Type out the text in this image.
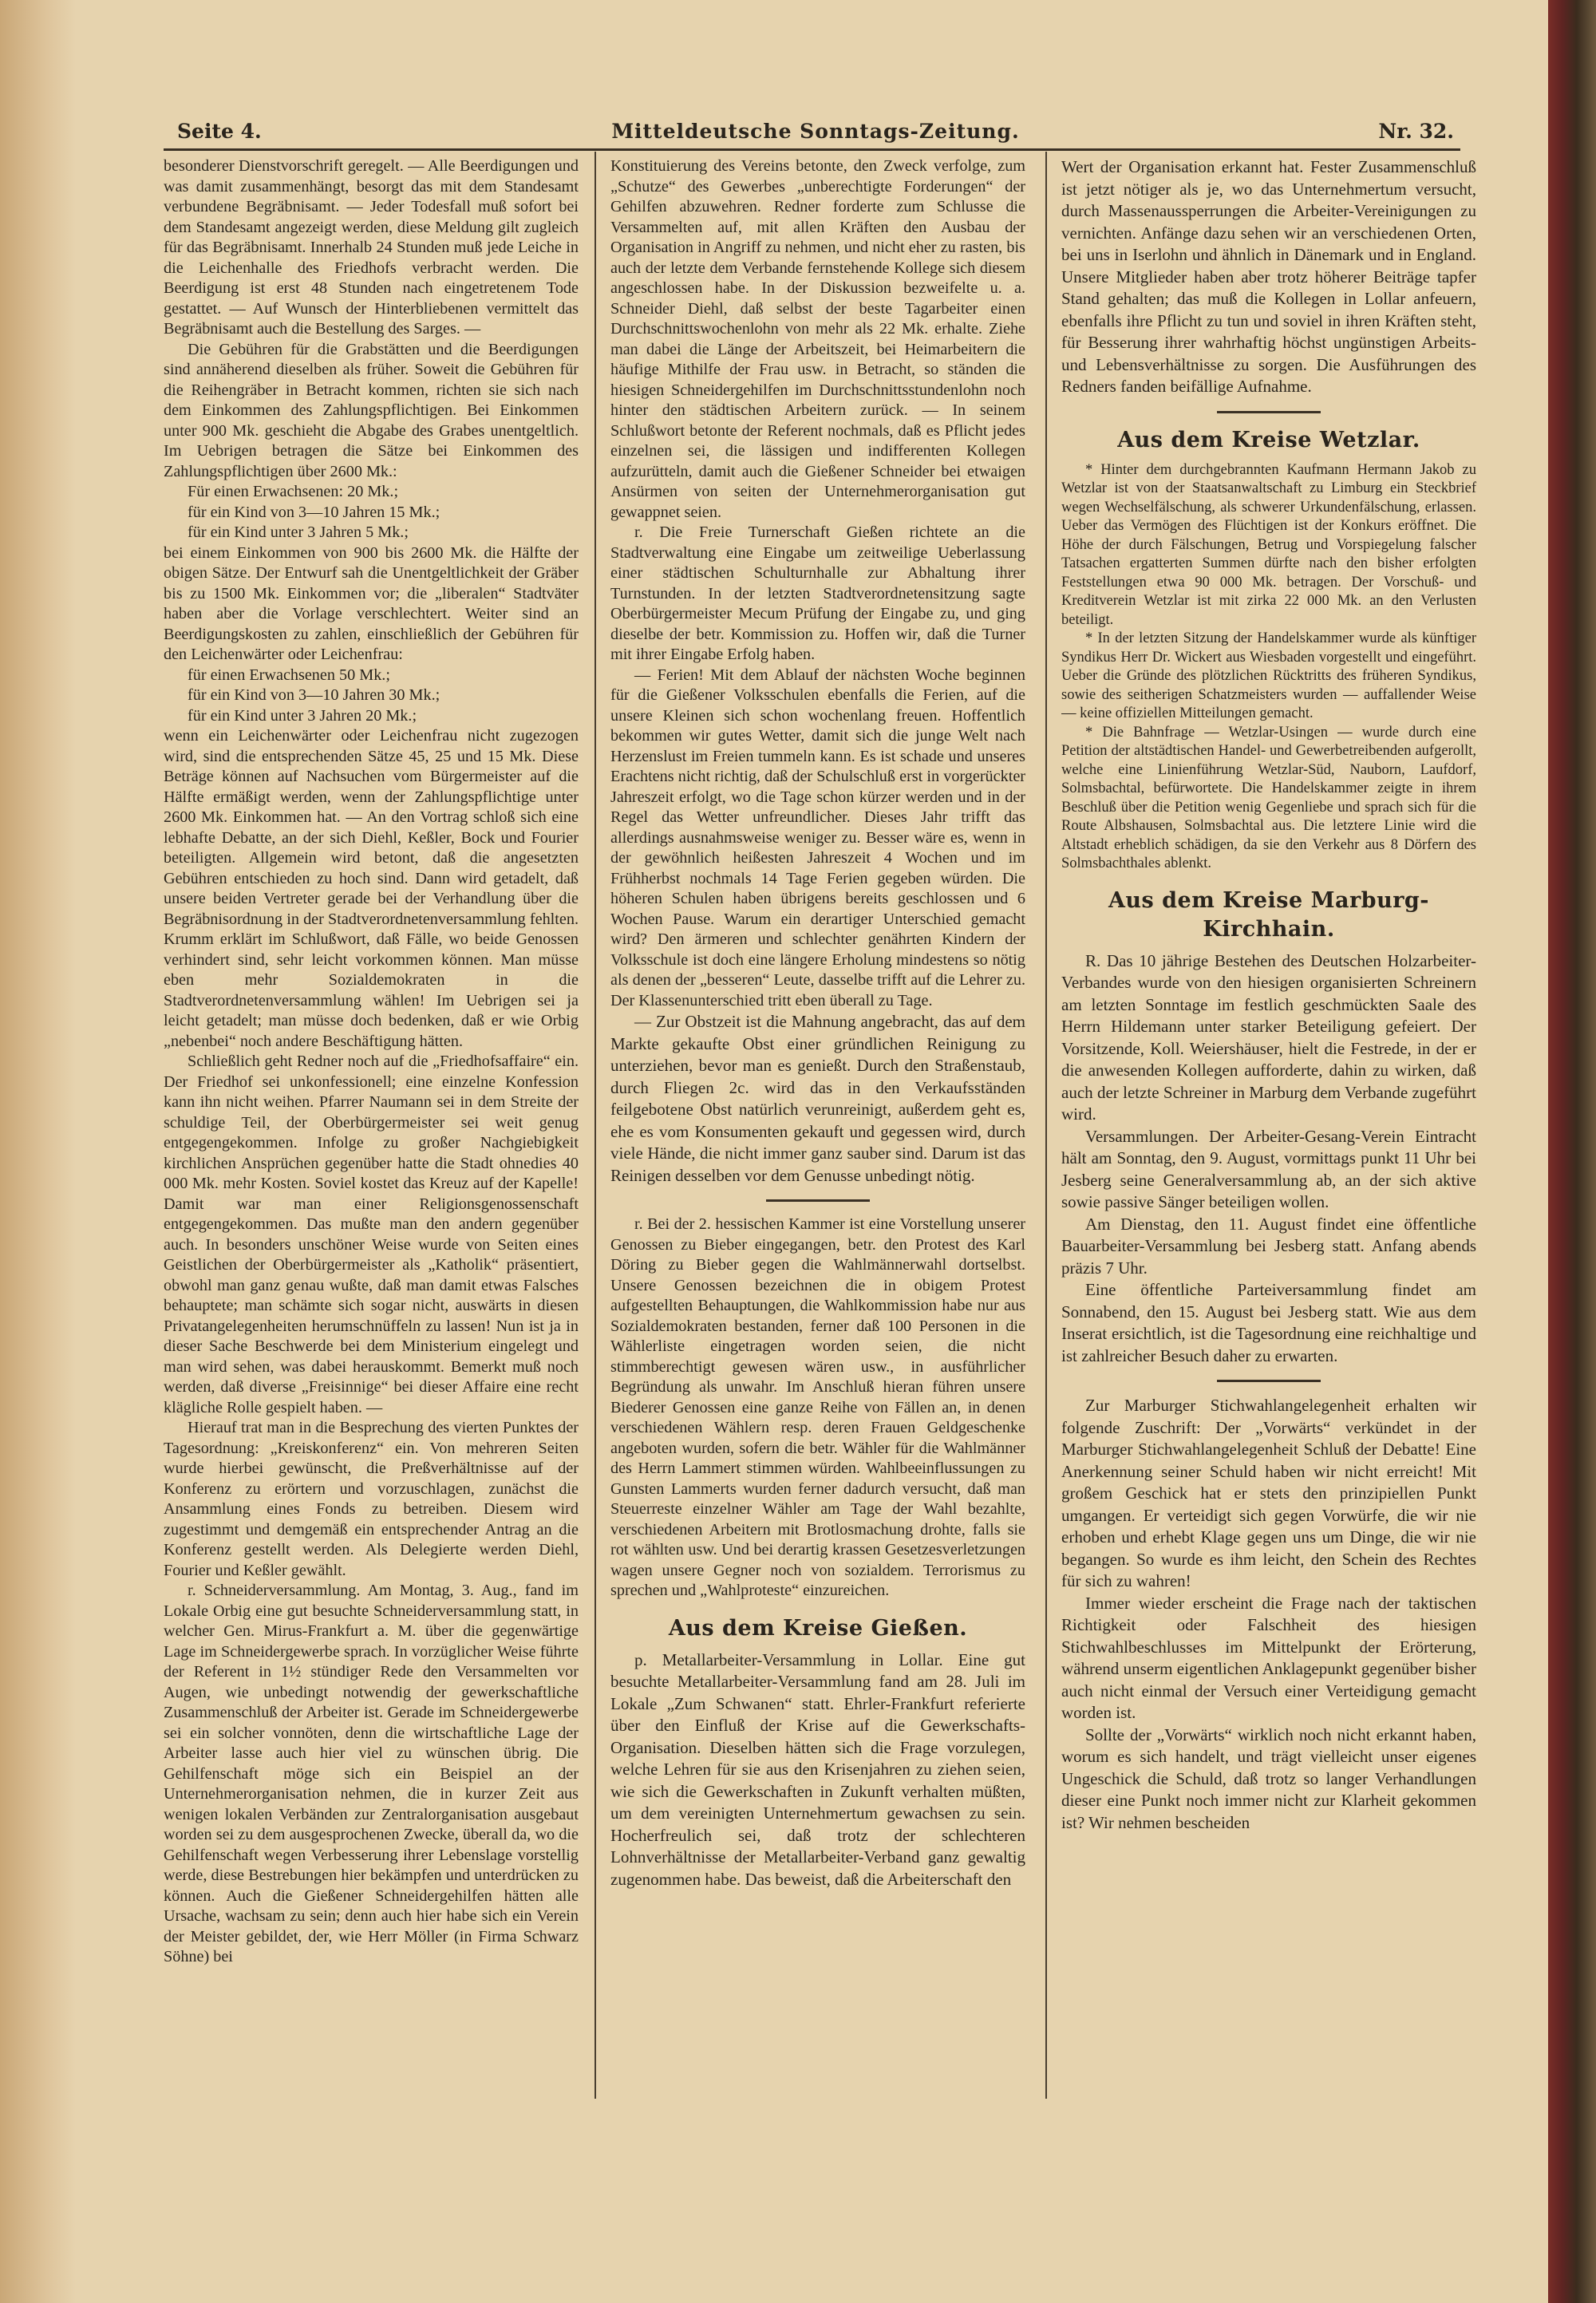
Seite 4.	Mitteldeutsche Sonntags-Zeitung.	Nr. 32.

besonderer Dienstvorschrift geregelt. — Alle Beerdigungen und was damit zusammenhängt, besorgt das mit dem Standesamt verbundene Begräbnisamt. — Jeder Todesfall muß sofort bei dem Standesamt angezeigt werden, diese Meldung gilt zugleich für das Begräbnisamt. Innerhalb 24 Stunden muß jede Leiche in die Leichenhalle des Friedhofs verbracht werden. Die Beerdigung ist erst 48 Stunden nach eingetretenem Tode gestattet. — Auf Wunsch der Hinterbliebenen vermittelt das Begräbnisamt auch die Bestellung des Sarges. —

Die Gebühren für die Grabstätten und die Beerdigungen sind annäherend dieselben als früher. Soweit die Gebühren für die Reihengräber in Betracht kommen, richten sie sich nach dem Einkommen des Zahlungspflichtigen. Bei Einkommen unter 900 Mk. geschieht die Abgabe des Grabes unentgeltlich. Im Uebrigen betragen die Sätze bei Einkommen des Zahlungspflichtigen über 2600 Mk.:

Für einen Erwachsenen: 20 Mk.;

für ein Kind von 3—10 Jahren 15 Mk.;

für ein Kind unter 3 Jahren 5 Mk.;

bei einem Einkommen von 900 bis 2600 Mk. die Hälfte der obigen Sätze. Der Entwurf sah die Unentgeltlichkeit der Gräber bis zu 1500 Mk. Einkommen vor; die „liberalen“ Stadtväter haben aber die Vorlage verschlechtert. Weiter sind an Beerdigungskosten zu zahlen, einschließlich der Gebühren für den Leichenwärter oder Leichenfrau:

für einen Erwachsenen 50 Mk.;

für ein Kind von 3—10 Jahren 30 Mk.;

für ein Kind unter 3 Jahren 20 Mk.;

wenn ein Leichenwärter oder Leichenfrau nicht zugezogen wird, sind die entsprechenden Sätze 45, 25 und 15 Mk. Diese Beträge können auf Nachsuchen vom Bürgermeister auf die Hälfte ermäßigt werden, wenn der Zahlungspflichtige unter 2600 Mk. Einkommen hat. — An den Vortrag schloß sich eine lebhafte Debatte, an der sich Diehl, Keßler, Bock und Fourier beteiligten. Allgemein wird betont, daß die angesetzten Gebühren entschieden zu hoch sind. Dann wird getadelt, daß unsere beiden Vertreter gerade bei der Verhandlung über die Begräbnisordnung in der Stadtverordnetenversammlung fehlten. Krumm erklärt im Schlußwort, daß Fälle, wo beide Genossen verhindert sind, sehr leicht vorkommen können. Man müsse eben mehr Sozialdemokraten in die Stadtverordnetenversammlung wählen! Im Uebrigen sei ja leicht getadelt; man müsse doch bedenken, daß er wie Orbig „nebenbei“ noch andere Beschäftigung hätten.

Schließlich geht Redner noch auf die „Friedhofsaffaire“ ein. Der Friedhof sei unkonfessionell; eine einzelne Konfession kann ihn nicht weihen. Pfarrer Naumann sei in dem Streite der schuldige Teil, der Oberbürgermeister sei weit genug entgegengekommen. Infolge zu großer Nachgiebigkeit kirchlichen Ansprüchen gegenüber hatte die Stadt ohnedies 40 000 Mk. mehr Kosten. Soviel kostet das Kreuz auf der Kapelle! Damit war man einer Religionsgenossenschaft entgegengekommen. Das mußte man den andern gegenüber auch. In besonders unschöner Weise wurde von Seiten eines Geistlichen der Oberbürgermeister als „Katholik“ präsentiert, obwohl man ganz genau wußte, daß man damit etwas Falsches behauptete; man schämte sich sogar nicht, auswärts in diesen Privatangelegenheiten herumschnüffeln zu lassen! Nun ist ja in dieser Sache Beschwerde bei dem Ministerium eingelegt und man wird sehen, was dabei herauskommt. Bemerkt muß noch werden, daß diverse „Freisinnige“ bei dieser Affaire eine recht klägliche Rolle gespielt haben. —

Hierauf trat man in die Besprechung des vierten Punktes der Tagesordnung: „Kreiskonferenz“ ein. Von mehreren Seiten wurde hierbei gewünscht, die Preßverhältnisse auf der Konferenz zu erörtern und vorzuschlagen, zunächst die Ansammlung eines Fonds zu betreiben. Diesem wird zugestimmt und demgemäß ein entsprechender Antrag an die Konferenz gestellt werden. Als Delegierte werden Diehl, Fourier und Keßler gewählt.

r. Schneiderversammlung. Am Montag, 3. Aug., fand im Lokale Orbig eine gut besuchte Schneiderversammlung statt, in welcher Gen. Mirus-Frankfurt a. M. über die gegenwärtige Lage im Schneidergewerbe sprach. In vorzüglicher Weise führte der Referent in 1½ stündiger Rede den Versammelten vor Augen, wie unbedingt notwendig der gewerkschaftliche Zusammenschluß der Arbeiter ist. Gerade im Schneidergewerbe sei ein solcher vonnöten, denn die wirtschaftliche Lage der Arbeiter lasse auch hier viel zu wünschen übrig. Die Gehilfenschaft möge sich ein Beispiel an der Unternehmerorganisation nehmen, die in kurzer Zeit aus wenigen lokalen Verbänden zur Zentralorganisation ausgebaut worden sei zu dem ausgesprochenen Zwecke, überall da, wo die Gehilfenschaft wegen Verbesserung ihrer Lebenslage vorstellig werde, diese Bestrebungen hier bekämpfen und unterdrücken zu können. Auch die Gießener Schneidergehilfen hätten alle Ursache, wachsam zu sein; denn auch hier habe sich ein Verein der Meister gebildet, der, wie Herr Möller (in Firma Schwarz Söhne) bei

Konstituierung des Vereins betonte, den Zweck verfolge, zum „Schutze“ des Gewerbes „unberechtigte Forderungen“ der Gehilfen abzuwehren. Redner forderte zum Schlusse die Versammelten auf, mit allen Kräften den Ausbau der Organisation in Angriff zu nehmen, und nicht eher zu rasten, bis auch der letzte dem Verbande fernstehende Kollege sich diesem angeschlossen habe. In der Diskussion bezweifelte u. a. Schneider Diehl, daß selbst der beste Tagarbeiter einen Durchschnittswochenlohn von mehr als 22 Mk. erhalte. Ziehe man dabei die Länge der Arbeitszeit, bei Heimarbeitern die häufige Mithilfe der Frau usw. in Betracht, so ständen die hiesigen Schneidergehilfen im Durchschnittsstundenlohn noch hinter den städtischen Arbeitern zurück. — In seinem Schlußwort betonte der Referent nochmals, daß es Pflicht jedes einzelnen sei, die lässigen und indifferenten Kollegen aufzurütteln, damit auch die Gießener Schneider bei etwaigen Ansürmen von seiten der Unternehmerorganisation gut gewappnet seien.

r. Die Freie Turnerschaft Gießen richtete an die Stadtverwaltung eine Eingabe um zeitweilige Ueberlassung einer städtischen Schulturnhalle zur Abhaltung ihrer Turnstunden. In der letzten Stadtverordnetensitzung sagte Oberbürgermeister Mecum Prüfung der Eingabe zu, und ging dieselbe der betr. Kommission zu. Hoffen wir, daß die Turner mit ihrer Eingabe Erfolg haben.

— Ferien! Mit dem Ablauf der nächsten Woche beginnen für die Gießener Volksschulen ebenfalls die Ferien, auf die unsere Kleinen sich schon wochenlang freuen. Hoffentlich bekommen wir gutes Wetter, damit sich die junge Welt nach Herzenslust im Freien tummeln kann. Es ist schade und unseres Erachtens nicht richtig, daß der Schulschluß erst in vorgerückter Jahreszeit erfolgt, wo die Tage schon kürzer werden und in der Regel das Wetter unfreundlicher. Dieses Jahr trifft das allerdings ausnahmsweise weniger zu. Besser wäre es, wenn in der gewöhnlich heißesten Jahreszeit 4 Wochen und im Frühherbst nochmals 14 Tage Ferien gegeben würden. Die höheren Schulen haben übrigens bereits geschlossen und 6 Wochen Pause. Warum ein derartiger Unterschied gemacht wird? Den ärmeren und schlechter genährten Kindern der Volksschule ist doch eine längere Erholung mindestens so nötig als denen der „besseren“ Leute, dasselbe trifft auf die Lehrer zu. Der Klassenunterschied tritt eben überall zu Tage.

— Zur Obstzeit ist die Mahnung angebracht, das auf dem Markte gekaufte Obst einer gründlichen Reinigung zu unterziehen, bevor man es genießt. Durch den Straßenstaub, durch Fliegen 2c. wird das in den Verkaufsständen feilgebotene Obst natürlich verunreinigt, außerdem geht es, ehe es vom Konsumenten gekauft und gegessen wird, durch viele Hände, die nicht immer ganz sauber sind. Darum ist das Reinigen desselben vor dem Genusse unbedingt nötig.

r. Bei der 2. hessischen Kammer ist eine Vorstellung unserer Genossen zu Bieber eingegangen, betr. den Protest des Karl Döring zu Bieber gegen die Wahlmännerwahl dortselbst. Unsere Genossen bezeichnen die in obigem Protest aufgestellten Behauptungen, die Wahlkommission habe nur aus Sozialdemokraten bestanden, ferner daß 100 Personen in die Wählerliste eingetragen worden seien, die nicht stimmberechtigt gewesen wären usw., in ausführlicher Begründung als unwahr. Im Anschluß hieran führen unsere Biederer Genossen eine ganze Reihe von Fällen an, in denen verschiedenen Wählern resp. deren Frauen Geldgeschenke angeboten wurden, sofern die betr. Wähler für die Wahlmänner des Herrn Lammert stimmen würden. Wahlbeeinflussungen zu Gunsten Lammerts wurden ferner dadurch versucht, daß man Steuerreste einzelner Wähler am Tage der Wahl bezahlte, verschiedenen Arbeitern mit Brotlosmachung drohte, falls sie rot wählten usw. Und bei derartig krassen Gesetzesverletzungen wagen unsere Gegner noch von sozialdem. Terrorismus zu sprechen und „Wahlproteste“ einzureichen.

Aus dem Kreise Gießen.

p. Metallarbeiter-Versammlung in Lollar. Eine gut besuchte Metallarbeiter-Versammlung fand am 28. Juli im Lokale „Zum Schwanen“ statt. Ehrler-Frankfurt referierte über den Einfluß der Krise auf die Gewerkschafts-Organisation. Dieselben hätten sich die Frage vorzulegen, welche Lehren für sie aus den Krisenjahren zu ziehen seien, wie sich die Gewerkschaften in Zukunft verhalten müßten, um dem vereinigten Unternehmertum gewachsen zu sein. Hocherfreulich sei, daß trotz der schlechteren Lohnverhältnisse der Metallarbeiter-Verband ganz gewaltig zugenommen habe. Das beweist, daß die Arbeiterschaft den

Wert der Organisation erkannt hat. Fester Zusammenschluß ist jetzt nötiger als je, wo das Unternehmertum versucht, durch Massenaussperrungen die Arbeiter-Vereinigungen zu vernichten. Anfänge dazu sehen wir an verschiedenen Orten, bei uns in Iserlohn und ähnlich in Dänemark und in England. Unsere Mitglieder haben aber trotz höherer Beiträge tapfer Stand gehalten; das muß die Kollegen in Lollar anfeuern, ebenfalls ihre Pflicht zu tun und soviel in ihren Kräften steht, für Besserung ihrer wahrhaftig höchst ungünstigen Arbeits- und Lebensverhältnisse zu sorgen. Die Ausführungen des Redners fanden beifällige Aufnahme.

Aus dem Kreise Wetzlar.

* Hinter dem durchgebrannten Kaufmann Hermann Jakob zu Wetzlar ist von der Staatsanwaltschaft zu Limburg ein Steckbrief wegen Wechselfälschung, als schwerer Urkundenfälschung, erlassen. Ueber das Vermögen des Flüchtigen ist der Konkurs eröffnet. Die Höhe der durch Fälschungen, Betrug und Vorspiegelung falscher Tatsachen ergatterten Summen dürfte nach den bisher erfolgten Feststellungen etwa 90 000 Mk. betragen. Der Vorschuß- und Kreditverein Wetzlar ist mit zirka 22 000 Mk. an den Verlusten beteiligt.

* In der letzten Sitzung der Handelskammer wurde als künftiger Syndikus Herr Dr. Wickert aus Wiesbaden vorgestellt und eingeführt. Ueber die Gründe des plötzlichen Rücktritts des früheren Syndikus, sowie des seitherigen Schatzmeisters wurden — auffallender Weise — keine offiziellen Mitteilungen gemacht.

* Die Bahnfrage — Wetzlar-Usingen — wurde durch eine Petition der altstädtischen Handel- und Gewerbetreibenden aufgerollt, welche eine Linienführung Wetzlar-Süd, Nauborn, Laufdorf, Solmsbachtal, befürwortete. Die Handelskammer zeigte in ihrem Beschluß über die Petition wenig Gegenliebe und sprach sich für die Route Albshausen, Solmsbachtal aus. Die letztere Linie wird die Altstadt erheblich schädigen, da sie den Verkehr aus 8 Dörfern des Solmsbachthales ablenkt.

Aus dem Kreise Marburg-Kirchhain.

R. Das 10 jährige Bestehen des Deutschen Holzarbeiter-Verbandes wurde von den hiesigen organisierten Schreinern am letzten Sonntage im festlich geschmückten Saale des Herrn Hildemann unter starker Beteiligung gefeiert. Der Vorsitzende, Koll. Weiershäuser, hielt die Festrede, in der er die anwesenden Kollegen aufforderte, dahin zu wirken, daß auch der letzte Schreiner in Marburg dem Verbande zugeführt wird.

Versammlungen. Der Arbeiter-Gesang-Verein Eintracht hält am Sonntag, den 9. August, vormittags punkt 11 Uhr bei Jesberg seine Generalversammlung ab, an der sich aktive sowie passive Sänger beteiligen wollen.

Am Dienstag, den 11. August findet eine öffentliche Bauarbeiter-Versammlung bei Jesberg statt. Anfang abends präzis 7 Uhr.

Eine öffentliche Parteiversammlung findet am Sonnabend, den 15. August bei Jesberg statt. Wie aus dem Inserat ersichtlich, ist die Tagesordnung eine reichhaltige und ist zahlreicher Besuch daher zu erwarten.

Zur Marburger Stichwahlangelegenheit erhalten wir folgende Zuschrift: Der „Vorwärts“ verkündet in der Marburger Stichwahlangelegenheit Schluß der Debatte! Eine Anerkennung seiner Schuld haben wir nicht erreicht! Mit großem Geschick hat er stets den prinzipiellen Punkt umgangen. Er verteidigt sich gegen Vorwürfe, die wir nie erhoben und erhebt Klage gegen uns um Dinge, die wir nie begangen. So wurde es ihm leicht, den Schein des Rechtes für sich zu wahren!

Immer wieder erscheint die Frage nach der taktischen Richtigkeit oder Falschheit des hiesigen Stichwahlbeschlusses im Mittelpunkt der Erörterung, während unserm eigentlichen Anklagepunkt gegenüber bisher auch nicht einmal der Versuch einer Verteidigung gemacht worden ist.

Sollte der „Vorwärts“ wirklich noch nicht erkannt haben, worum es sich handelt, und trägt vielleicht unser eigenes Ungeschick die Schuld, daß trotz so langer Verhandlungen dieser eine Punkt noch immer nicht zur Klarheit gekommen ist? Wir nehmen bescheiden
